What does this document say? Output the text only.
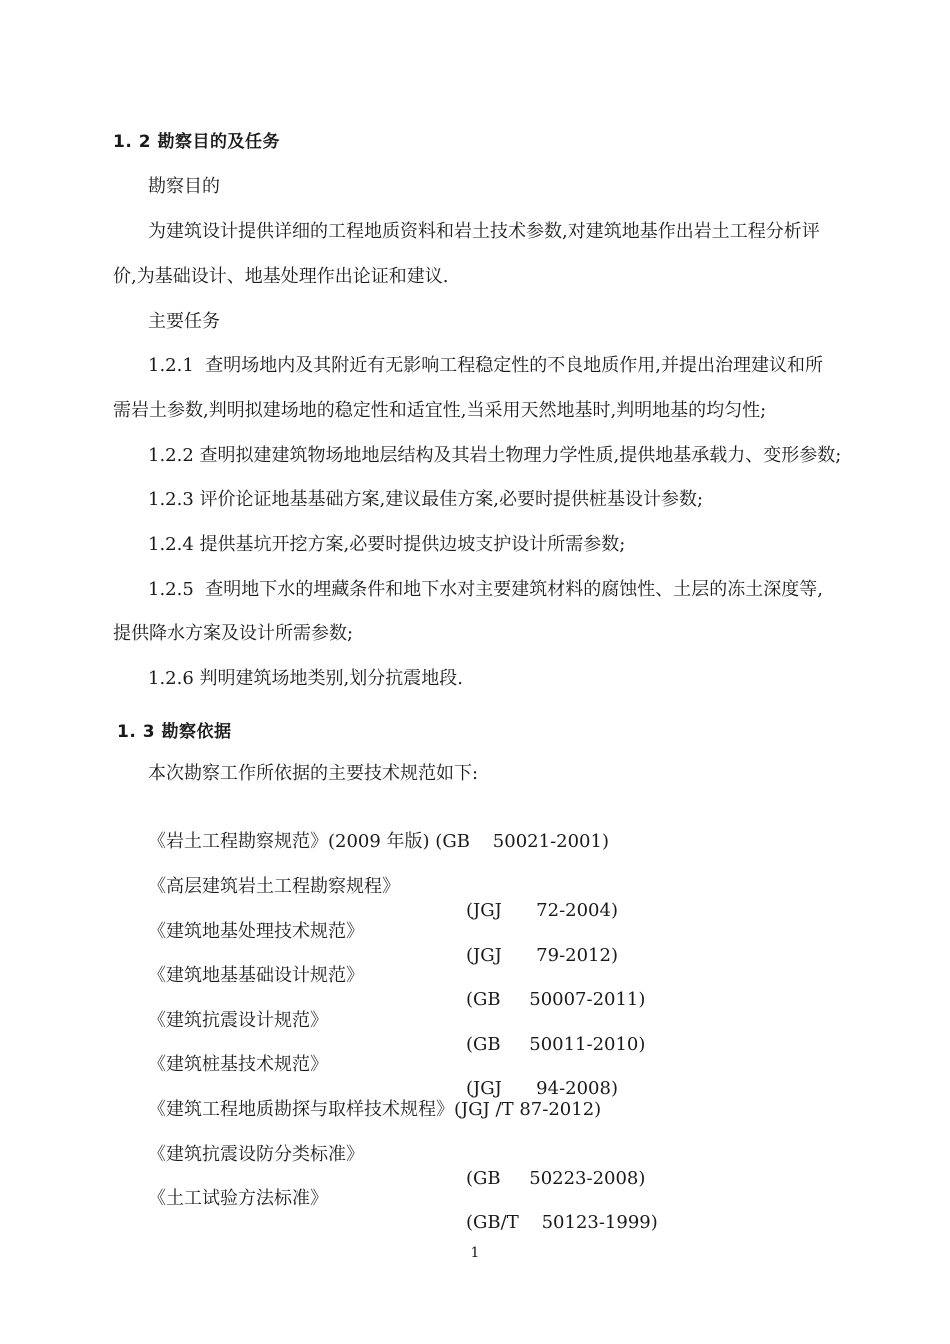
1. 2 勘察目的及任务
勘察目的
为建筑设计提供详细的工程地质资料和岩土技术参数,对建筑地基作出岩土工程分析评
价,为基础设计、地基处理作出论证和建议.
主要任务
1.2.1  查明场地内及其附近有无影响工程稳定性的不良地质作用,并提出治理建议和所
需岩土参数,判明拟建场地的稳定性和适宜性,当采用天然地基时,判明地基的均匀性;
1.2.2 查明拟建建筑物场地地层结构及其岩土物理力学性质,提供地基承载力、变形参数;
1.2.3 评价论证地基基础方案,建议最佳方案,必要时提供桩基设计参数;
1.2.4 提供基坑开挖方案,必要时提供边坡支护设计所需参数;
1.2.5  查明地下水的埋藏条件和地下水对主要建筑材料的腐蚀性、土层的冻土深度等,
提供降水方案及设计所需参数;
1.2.6 判明建筑场地类别,划分抗震地段.
1. 3 勘察依据
本次勘察工作所依据的主要技术规范如下:

《岩土工程勘察规范》(2009 年版) (GB    50021-2001)

《高层建筑岩土工程勘察规程》

(JGJ      72-2004)

《建筑地基处理技术规范》

(JGJ      79-2012)

《建筑地基基础设计规范》

(GB     50007-2011)

《建筑抗震设计规范》

(GB     50011-2010)

《建筑桩基技术规范》

(JGJ      94-2008)

《建筑工程地质勘探与取样技术规程》(JGJ /T 87-2012)

《建筑抗震设防分类标准》

(GB     50223-2008)

《土工试验方法标准》

(GB/T    50123-1999)

1
